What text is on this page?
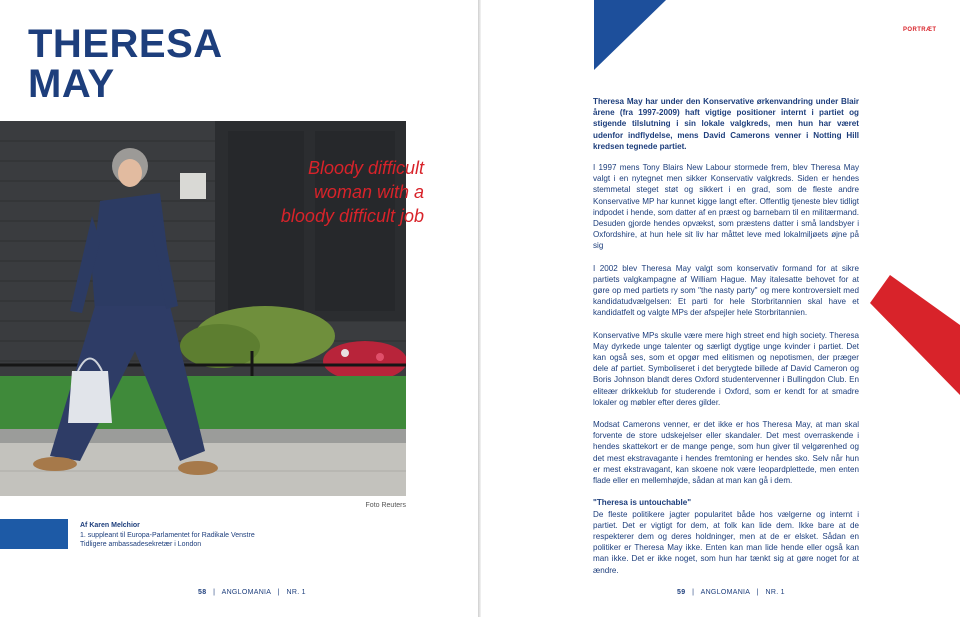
THERESA
MAY
Bloody difficult woman with a bloody difficult job
Foto Reuters
Af Karen Melchior
1. suppleant til Europa-Parlamentet for Radikale Venstre
Tidligere ambassadesekretær i London
58   |   ANGLOMANIA   |   NR. 1
PORTRÆT

Theresa May har under den Konservative ørkenvandring under Blair årene (fra 1997-2009) haft vigtige positioner internt i partiet og stigende tilslutning i sin lokale valgkreds, men hun har været udenfor indflydelse, mens David Camerons venner i Notting Hill kredsen tegnede partiet.

I 1997 mens Tony Blairs New Labour stormede frem, blev Theresa May valgt i en nytegnet men sikker Konservativ valgkreds. Siden er hendes stemmetal steget støt og sikkert i en grad, som de fleste andre Konservative MP har kunnet kigge langt efter. Offentlig tjeneste blev tidligt indpodet i hende, som datter af en præst og barnebarn til en militærmand. Desuden gjorde hendes opvækst, som præstens datter i små landsbyer i Oxfordshire, at hun hele sit liv har måttet leve med lokalmiljøets øjne på sig

I 2002 blev Theresa May valgt som konservativ formand for at sikre partiets valgkampagne af William Hague. May italesatte behovet for at gøre op med partiets ry som "the nasty party" og mere kontroversielt med kandidatudvælgelsen: Et parti for hele Storbritannien skal have et kandidatfelt og valgte MPs der afspejler hele Storbritannien.

Konservative MPs skulle være mere high street end high society. Theresa May dyrkede unge talenter og særligt dygtige unge kvinder i partiet. Det kan også ses, som et opgør med elitismen og nepotismen, der præger dele af partiet. Symboliseret i det berygtede billede af David Cameron og Boris Johnson blandt deres Oxford studentervenner i Bullingdon Club. En eliteær drikkeklub for studerende i Oxford, som er kendt for at smadre lokaler og møbler efter deres gilder.

Modsat Camerons venner, er det ikke er hos Theresa May, at man skal forvente de store udskejelser eller skandaler. Det mest overraskende i hendes skattekort er de mange penge, som hun giver til velgørenhed og det mest ekstravagante i hendes fremtoning er hendes sko. Selv når hun er mest ekstravagant, kan skoene nok være leopardplettede, men enten flade eller en mellemhøjde, sådan at man kan gå i dem.

"Theresa is untouchable"

De fleste politikere jagter popularitet både hos vælgerne og internt i partiet. Det er vigtigt for dem, at folk kan lide dem. Ikke bare at de respekterer dem og deres holdninger, men at de er elsket. Sådan en politiker er Theresa May ikke. Enten kan man lide hende eller også kan man ikke. Det er ikke noget, som hun har tænkt sig at gøre noget for at ændre.

59   |   ANGLOMANIA   |   NR. 1
